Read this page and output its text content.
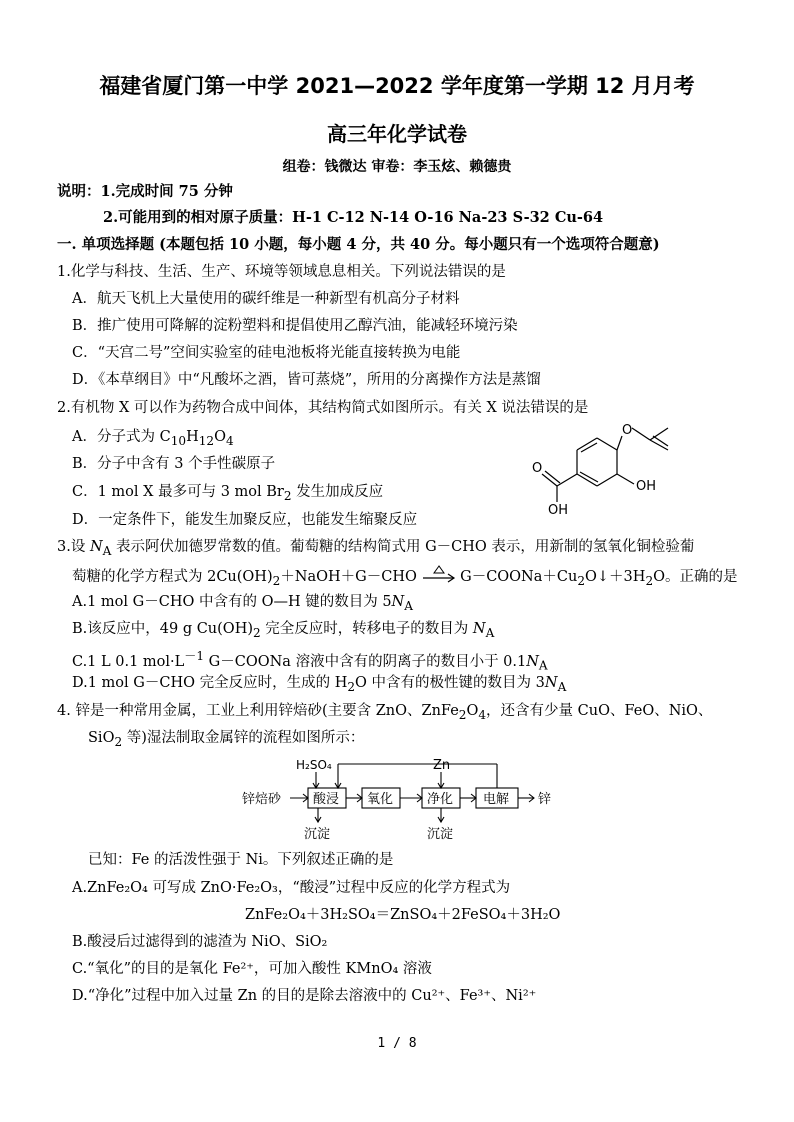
福建省厦门第一中学 2021—2022 学年度第一学期 12 月月考
高三年化学试卷
组卷：钱微达 审卷：李玉炫、赖德贵
说明：1.完成时间 75 分钟
2.可能用到的相对原子质量：H-1 C-12 N-14 O-16 Na-23 S-32 Cu-64
一. 单项选择题 (本题包括 10 小题，每小题 4 分，共 40 分。每小题只有一个选项符合题意)
1.化学与科技、生活、生产、环境等领域息息相关。下列说法错误的是
A．航天飞机上大量使用的碳纤维是一种新型有机高分子材料
B．推广使用可降解的淀粉塑料和提倡使用乙醇汽油，能减轻环境污染
C．“天宫二号”空间实验室的硅电池板将光能直接转换为电能
D．《本草纲目》中“凡酸坏之酒，皆可蒸烧”，所用的分离操作方法是蒸馏
2.有机物 X 可以作为药物合成中间体，其结构简式如图所示。有关 X 说法错误的是
A．分子式为 $C_{10}H_{12}O_4$
B．分子中含有 3 个手性碳原子
C．1 mol X 最多可与 3 mol $Br_2$ 发生加成反应
D．一定条件下，能发生加聚反应，也能发生缩聚反应
O
O
OH
OH
3.设 $N_A$ 表示阿伏加德罗常数的值。葡萄糖的结构简式用 G－CHO 表示，用新制的氢氧化铜检验葡
萄糖的化学方程式为 $2Cu(OH)_2+NaOH+G-CHO$  $G-COONa+Cu_2O↓+3H_2O$。正确的是
A.1 mol G－CHO 中含有的 O—H 键的数目为 $5N_A$
B.该反应中，49 g $Cu(OH)_2$ 完全反应时，转移电子的数目为 $N_A$
C.1 L 0.1 $mol\cdot L^{-1}$ G－COONa 溶液中含有的阴离子的数目小于 $0.1N_A$
D.1 mol G－CHO 完全反应时，生成的 $H_2O$ 中含有的极性键的数目为 $3N_A$
4. 锌是一种常用金属，工业上利用锌焙砂(主要含 ZnO、$ZnFe_2O_4$，还含有少量 CuO、FeO、NiO、
SiO$_2$ 等)湿法制取金属锌的流程如图所示：
锌焙砂
H₂SO₄	Zn
酸浸 氧化	净化 电解 锌
沉淀	沉淀
已知：Fe 的活泼性强于 Ni。下列叙述正确的是
A.ZnFe₂O₄ 可写成 ZnO·Fe₂O₃，“酸浸”过程中反应的化学方程式为
ZnFe₂O₄＋3H₂SO₄＝ZnSO₄＋2FeSO₄＋3H₂O
B.酸浸后过滤得到的滤渣为 NiO、SiO₂
C.“氧化”的目的是氧化 Fe²⁺，可加入酸性 KMnO₄ 溶液
D.“净化”过程中加入过量 Zn 的目的是除去溶液中的 Cu²⁺、Fe³⁺、Ni²⁺
1 / 8
